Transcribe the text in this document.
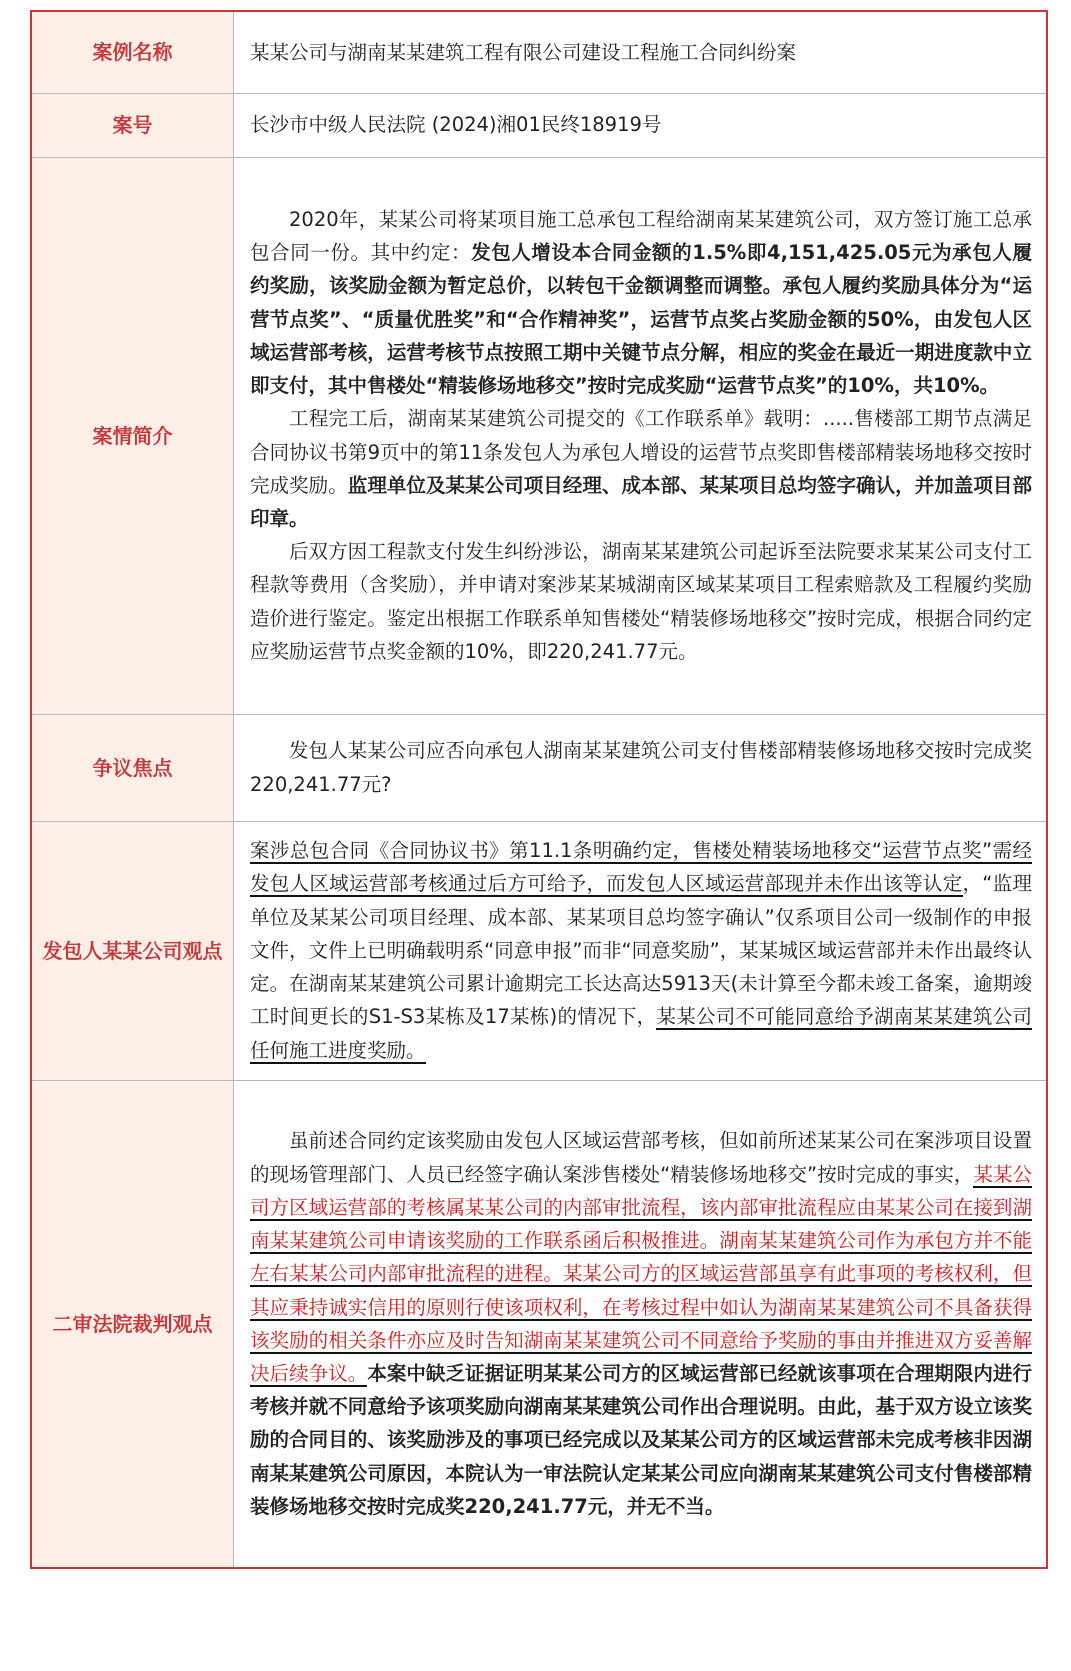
案例名称	某某公司与湖南某某建筑工程有限公司建设工程施工合同纠纷案

案号	长沙市中级人民法院 (2024)湘01民终18919号

案情简介	2020年，某某公司将某项目施工总承包工程给湖南某某建筑公司，双方签订施工总承包合同一份。其中约定：发包人增设本合同金额的1.5%即4,151,425.05元为承包人履约奖励，该奖励金额为暂定总价，以转包干金额调整而调整。承包人履约奖励具体分为“运营节点奖”、“质量优胜奖”和“合作精神奖”，运营节点奖占奖励金额的50%，由发包人区域运营部考核，运营考核节点按照工期中关键节点分解，相应的奖金在最近一期进度款中立即支付，其中售楼处“精装修场地移交”按时完成奖励“运营节点奖”的10%，共10%。

工程完工后，湖南某某建筑公司提交的《工作联系单》载明：.....售楼部工期节点满足合同协议书第9页中的第11条发包人为承包人增设的运营节点奖即售楼部精装场地移交按时完成奖励。监理单位及某某公司项目经理、成本部、某某项目总均签字确认，并加盖项目部印章。

后双方因工程款支付发生纠纷涉讼，湖南某某建筑公司起诉至法院要求某某公司支付工程款等费用（含奖励），并申请对案涉某某城湖南区域某某项目工程索赔款及工程履约奖励造价进行鉴定。鉴定出根据工作联系单知售楼处“精装修场地移交”按时完成，根据合同约定应奖励运营节点奖金额的10%，即220,241.77元。

争议焦点	发包人某某公司应否向承包人湖南某某建筑公司支付售楼部精装修场地移交按时完成奖220,241.77元?

发包人某某公司观点	案涉总包合同《合同协议书》第11.1条明确约定，售楼处精装场地移交“运营节点奖”需经发包人区域运营部考核通过后方可给予，而发包人区域运营部现并未作出该等认定，“监理单位及某某公司项目经理、成本部、某某项目总均签字确认”仅系项目公司一级制作的申报文件，文件上已明确载明系“同意申报”而非“同意奖励”，某某城区域运营部并未作出最终认定。在湖南某某建筑公司累计逾期完工长达高达5913天(未计算至今都未竣工备案，逾期竣工时间更长的S1-S3某栋及17某栋)的情况下，某某公司不可能同意给予湖南某某建筑公司任何施工进度奖励。

二审法院裁判观点	虽前述合同约定该奖励由发包人区域运营部考核，但如前所述某某公司在案涉项目设置的现场管理部门、人员已经签字确认案涉售楼处“精装修场地移交”按时完成的事实，某某公司方区域运营部的考核属某某公司的内部审批流程，该内部审批流程应由某某公司在接到湖南某某建筑公司申请该奖励的工作联系函后积极推进。湖南某某建筑公司作为承包方并不能左右某某公司内部审批流程的进程。某某公司方的区域运营部虽享有此事项的考核权利，但其应秉持诚实信用的原则行使该项权利，在考核过程中如认为湖南某某建筑公司不具备获得该奖励的相关条件亦应及时告知湖南某某建筑公司不同意给予奖励的事由并推进双方妥善解决后续争议。本案中缺乏证据证明某某公司方的区域运营部已经就该事项在合理期限内进行考核并就不同意给予该项奖励向湖南某某建筑公司作出合理说明。由此，基于双方设立该奖励的合同目的、该奖励涉及的事项已经完成以及某某公司方的区域运营部未完成考核非因湖南某某建筑公司原因，本院认为一审法院认定某某公司应向湖南某某建筑公司支付售楼部精装修场地移交按时完成奖220,241.77元，并无不当。
